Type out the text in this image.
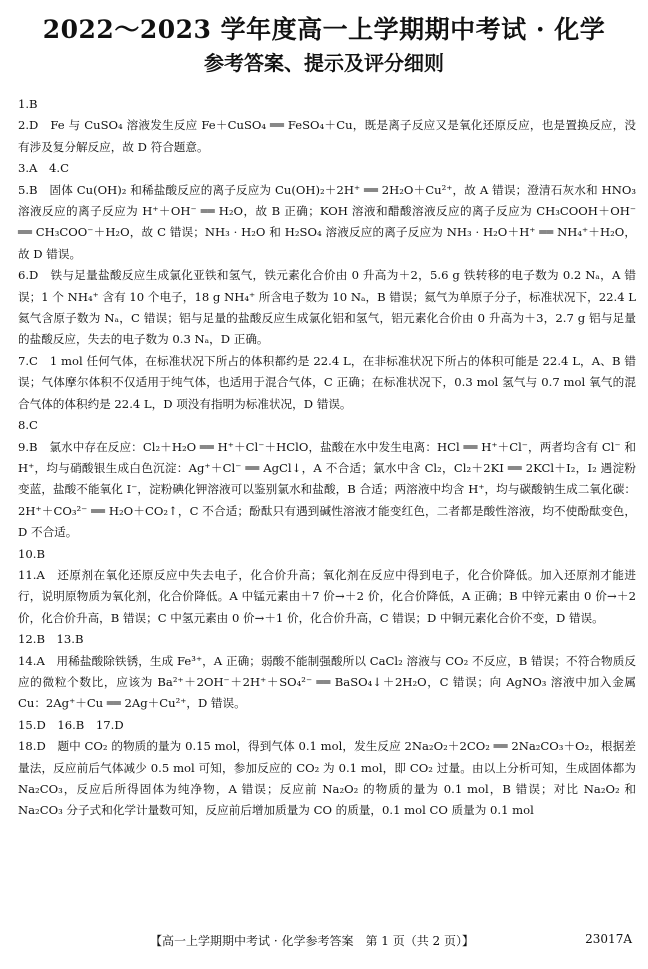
2022～2023 学年度高一上学期期中考试 · 化学
参考答案、提示及评分细则

1.B

2.D　Fe 与 CuSO₄ 溶液发生反应 Fe＋CuSO₄ ══ FeSO₄＋Cu，既是离子反应又是氧化还原反应，也是置换反应，没有涉及复分解反应，故 D 符合题意。

3.A　4.C

5.B　固体 Cu(OH)₂ 和稀盐酸反应的离子反应为 Cu(OH)₂＋2H⁺ ══ 2H₂O＋Cu²⁺，故 A 错误；澄清石灰水和 HNO₃ 溶液反应的离子反应为 H⁺＋OH⁻ ══ H₂O，故 B 正确；KOH 溶液和醋酸溶液反应的离子反应为 CH₃COOH＋OH⁻ ══ CH₃COO⁻＋H₂O，故 C 错误；NH₃ · H₂O 和 H₂SO₄ 溶液反应的离子反应为 NH₃ · H₂O＋H⁺ ══ NH₄⁺＋H₂O，故 D 错误。

6.D　铁与足量盐酸反应生成氯化亚铁和氢气，铁元素化合价由 0 升高为＋2，5.6 g 铁转移的电子数为 0.2 Nₐ，A 错误；1 个 NH₄⁺ 含有 10 个电子，18 g NH₄⁺ 所含电子数为 10 Nₐ，B 错误；氦气为单原子分子，标准状况下，22.4 L 氦气含原子数为 Nₐ，C 错误；铝与足量的盐酸反应生成氯化铝和氢气，铝元素化合价由 0 升高为＋3，2.7 g 铝与足量的盐酸反应，失去的电子数为 0.3 Nₐ，D 正确。

7.C　1 mol 任何气体，在标准状况下所占的体积都约是 22.4 L，在非标准状况下所占的体积可能是 22.4 L，A、B 错误；气体摩尔体积不仅适用于纯气体，也适用于混合气体，C 正确；在标准状况下，0.3 mol 氢气与 0.7 mol 氧气的混合气体的体积约是 22.4 L，D 项没有指明为标准状况，D 错误。

8.C

9.B　氯水中存在反应：Cl₂＋H₂O ══ H⁺＋Cl⁻＋HClO，盐酸在水中发生电离：HCl ══ H⁺＋Cl⁻，两者均含有 Cl⁻ 和 H⁺，均与硝酸银生成白色沉淀：Ag⁺＋Cl⁻ ══ AgCl↓，A 不合适；氯水中含 Cl₂，Cl₂＋2KI ══ 2KCl＋I₂，I₂ 遇淀粉变蓝，盐酸不能氧化 I⁻，淀粉碘化钾溶液可以鉴别氯水和盐酸，B 合适；两溶液中均含 H⁺，均与碳酸钠生成二氧化碳：2H⁺＋CO₃²⁻ ══ H₂O＋CO₂↑，C 不合适；酚酞只有遇到碱性溶液才能变红色，二者都是酸性溶液，均不使酚酞变色，D 不合适。

10.B

11.A　还原剂在氧化还原反应中失去电子，化合价升高；氧化剂在反应中得到电子，化合价降低。加入还原剂才能进行，说明原物质为氧化剂，化合价降低。A 中锰元素由＋7 价→＋2 价，化合价降低，A 正确；B 中锌元素由 0 价→＋2 价，化合价升高，B 错误；C 中氢元素由 0 价→＋1 价，化合价升高，C 错误；D 中铜元素化合价不变，D 错误。

12.B　13.B

14.A　用稀盐酸除铁锈，生成 Fe³⁺，A 正确；弱酸不能制强酸所以 CaCl₂ 溶液与 CO₂ 不反应，B 错误；不符合物质反应的微粒个数比，应该为 Ba²⁺＋2OH⁻＋2H⁺＋SO₄²⁻ ══ BaSO₄↓＋2H₂O，C 错误；向 AgNO₃ 溶液中加入金属 Cu：2Ag⁺＋Cu ══ 2Ag＋Cu²⁺，D 错误。

15.D　16.B　17.D

18.D　题中 CO₂ 的物质的量为 0.15 mol，得到气体 0.1 mol，发生反应 2Na₂O₂＋2CO₂ ══ 2Na₂CO₃＋O₂，根据差量法，反应前后气体减少 0.5 mol 可知，参加反应的 CO₂ 为 0.1 mol，即 CO₂ 过量。由以上分析可知，生成固体都为 Na₂CO₃，反应后所得固体为纯净物，A 错误；反应前 Na₂O₂ 的物质的量为 0.1 mol，B 错误；对比 Na₂O₂ 和 Na₂CO₃ 分子式和化学计量数可知，反应前后增加质量为 CO 的质量，0.1 mol CO 质量为 0.1 mol

【高一上学期期中考试 · 化学参考答案　第 1 页（共 2 页）】	23017A
